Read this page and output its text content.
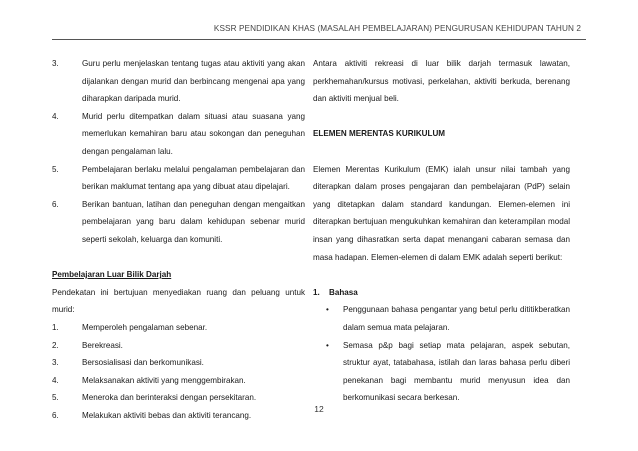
KSSR PENDIDIKAN KHAS (MASALAH PEMBELAJARAN) PENGURUSAN KEHIDUPAN TAHUN 2
3.	Guru perlu menjelaskan tentang tugas atau aktiviti yang akan dijalankan dengan murid dan berbincang mengenai apa yang diharapkan daripada murid.
4.	Murid perlu ditempatkan dalam situasi atau suasana yang memerlukan kemahiran baru atau sokongan dan peneguhan dengan pengalaman lalu.
5.	Pembelajaran berlaku melalui pengalaman pembelajaran dan berikan maklumat tentang apa yang dibuat atau dipelajari.
6.	Berikan bantuan, latihan dan peneguhan dengan mengaitkan pembelajaran yang baru dalam kehidupan sebenar murid seperti sekolah, keluarga dan komuniti.
Pembelajaran Luar Bilik Darjah
Pendekatan ini bertujuan menyediakan ruang dan peluang untuk murid:
1.	Memperoleh pengalaman sebenar.
2.	Berekreasi.
3.	Bersosialisasi dan berkomunikasi.
4.	Melaksanakan aktiviti yang menggembirakan.
5.	Meneroka dan berinteraksi dengan persekitaran.
6.	Melakukan aktiviti bebas dan aktiviti terancang.
Antara aktiviti rekreasi di luar bilik darjah termasuk lawatan, perkhemahan/kursus motivasi, perkelahan, aktiviti berkuda, berenang dan aktiviti menjual beli.
ELEMEN MERENTAS KURIKULUM
Elemen Merentas Kurikulum (EMK) ialah unsur nilai tambah yang diterapkan dalam proses pengajaran dan pembelajaran (PdP) selain yang ditetapkan dalam standard kandungan. Elemen-elemen ini diterapkan bertujuan mengukuhkan kemahiran dan keterampilan modal insan yang dihasratkan serta dapat menangani cabaran semasa dan masa hadapan. Elemen-elemen di dalam EMK adalah seperti berikut:
1. Bahasa
• Penggunaan bahasa pengantar yang betul perlu dititikberatkan dalam semua mata pelajaran.
• Semasa p&p bagi setiap mata pelajaran, aspek sebutan, struktur ayat, tatabahasa, istilah dan laras bahasa perlu diberi penekanan bagi membantu murid menyusun idea dan berkomunikasi secara berkesan.
12
